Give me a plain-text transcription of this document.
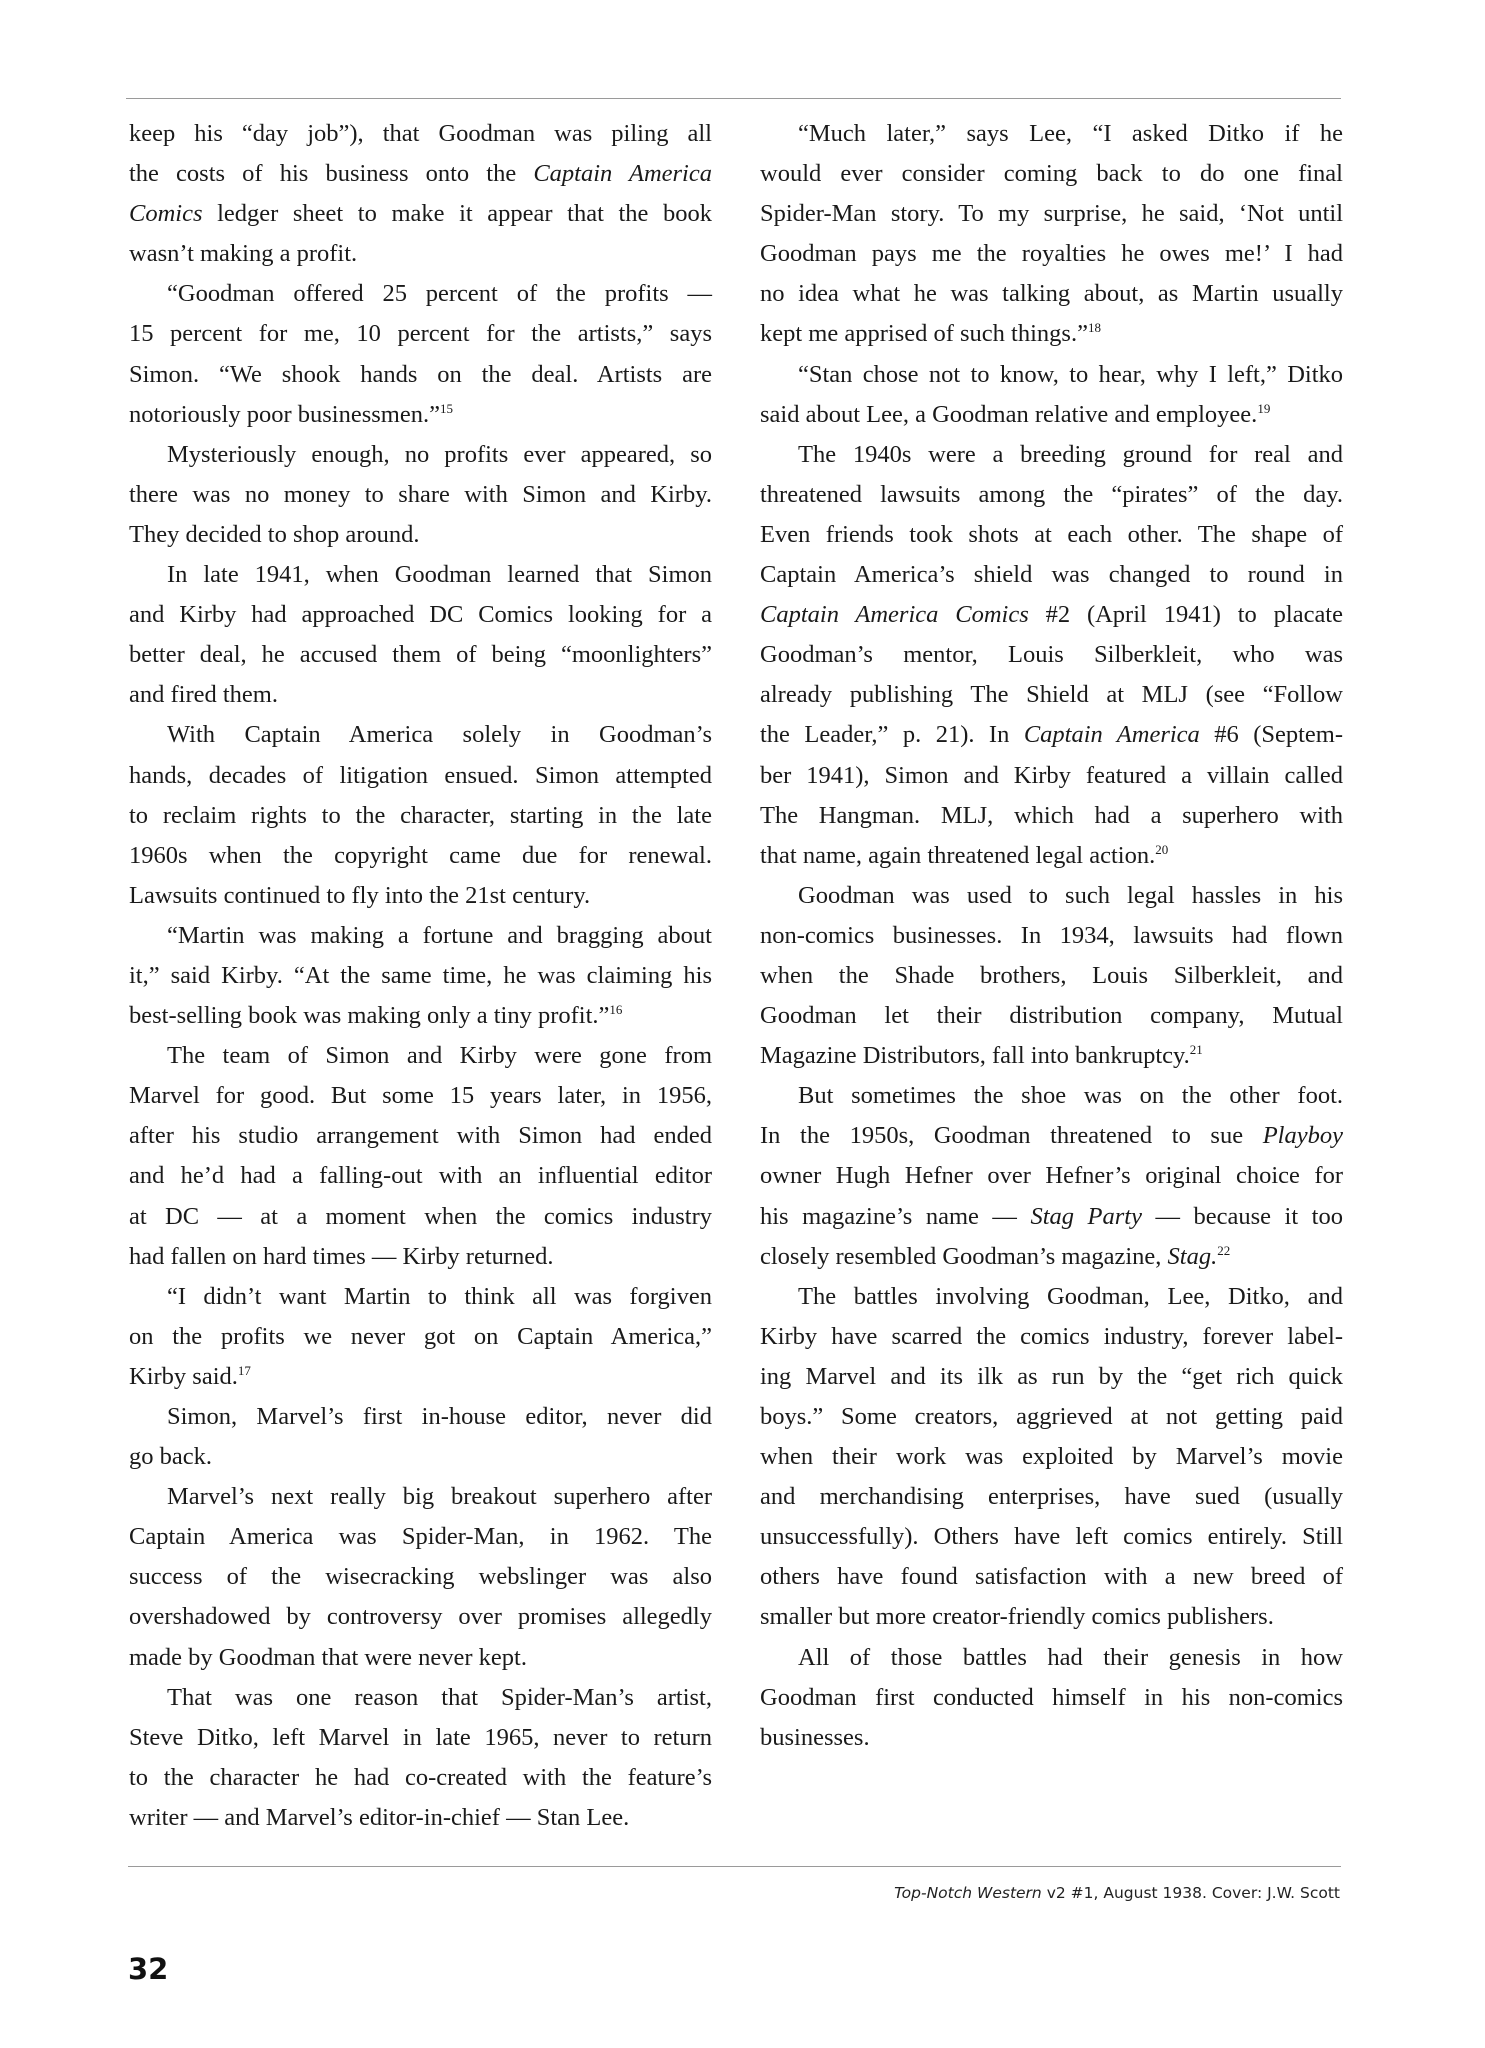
keep his “day job”), that Goodman was piling all
the costs of his business onto the Captain America
Comics ledger sheet to make it appear that the book
wasn’t making a profit.
“Goodman offered 25 percent of the profits —
15 percent for me, 10 percent for the artists,” says
Simon. “We shook hands on the deal. Artists are
notoriously poor businessmen.”$^{15}$
Mysteriously enough, no profits ever appeared, so
there was no money to share with Simon and Kirby.
They decided to shop around.
In late 1941, when Goodman learned that Simon
and Kirby had approached DC Comics looking for a
better deal, he accused them of being “moonlighters”
and fired them.
With Captain America solely in Goodman’s
hands, decades of litigation ensued. Simon attempted
to reclaim rights to the character, starting in the late
1960s when the copyright came due for renewal.
Lawsuits continued to fly into the 21st century.
“Martin was making a fortune and bragging about
it,” said Kirby. “At the same time, he was claiming his
best-selling book was making only a tiny profit.”$^{16}$
The team of Simon and Kirby were gone from
Marvel for good. But some 15 years later, in 1956,
after his studio arrangement with Simon had ended
and he’d had a falling-out with an influential editor
at DC — at a moment when the comics industry
had fallen on hard times — Kirby returned.
“I didn’t want Martin to think all was forgiven
on the profits we never got on Captain America,”
Kirby said.$^{17}$
Simon, Marvel’s first in-house editor, never did
go back.
Marvel’s next really big breakout superhero after
Captain America was Spider-Man, in 1962. The
success of the wisecracking webslinger was also
overshadowed by controversy over promises allegedly
made by Goodman that were never kept.
That was one reason that Spider-Man’s artist,
Steve Ditko, left Marvel in late 1965, never to return
to the character he had co-created with the feature’s
writer — and Marvel’s editor-in-chief — Stan Lee.
“Much later,” says Lee, “I asked Ditko if he
would ever consider coming back to do one final
Spider-Man story. To my surprise, he said, ‘Not until
Goodman pays me the royalties he owes me!’ I had
no idea what he was talking about, as Martin usually
kept me apprised of such things.”$^{18}$
“Stan chose not to know, to hear, why I left,” Ditko
said about Lee, a Goodman relative and employee.$^{19}$
The 1940s were a breeding ground for real and
threatened lawsuits among the “pirates” of the day.
Even friends took shots at each other. The shape of
Captain America’s shield was changed to round in
Captain America Comics #2 (April 1941) to placate
Goodman’s mentor, Louis Silberkleit, who was
already publishing The Shield at MLJ (see “Follow
the Leader,” p. 21). In Captain America #6 (Septem-
ber 1941), Simon and Kirby featured a villain called
The Hangman. MLJ, which had a superhero with
that name, again threatened legal action.$^{20}$
Goodman was used to such legal hassles in his
non-comics businesses. In 1934, lawsuits had flown
when the Shade brothers, Louis Silberkleit, and
Goodman let their distribution company, Mutual
Magazine Distributors, fall into bankruptcy.$^{21}$
But sometimes the shoe was on the other foot.
In the 1950s, Goodman threatened to sue Playboy
owner Hugh Hefner over Hefner’s original choice for
his magazine’s name — Stag Party — because it too
closely resembled Goodman’s magazine, Stag.$^{22}$
The battles involving Goodman, Lee, Ditko, and
Kirby have scarred the comics industry, forever label-
ing Marvel and its ilk as run by the “get rich quick
boys.” Some creators, aggrieved at not getting paid
when their work was exploited by Marvel’s movie
and merchandising enterprises, have sued (usually
unsuccessfully). Others have left comics entirely. Still
others have found satisfaction with a new breed of
smaller but more creator-friendly comics publishers.
All of those battles had their genesis in how
Goodman first conducted himself in his non-comics
businesses.
Top-Notch Western v2 #1, August 1938. Cover: J.W. Scott
32
